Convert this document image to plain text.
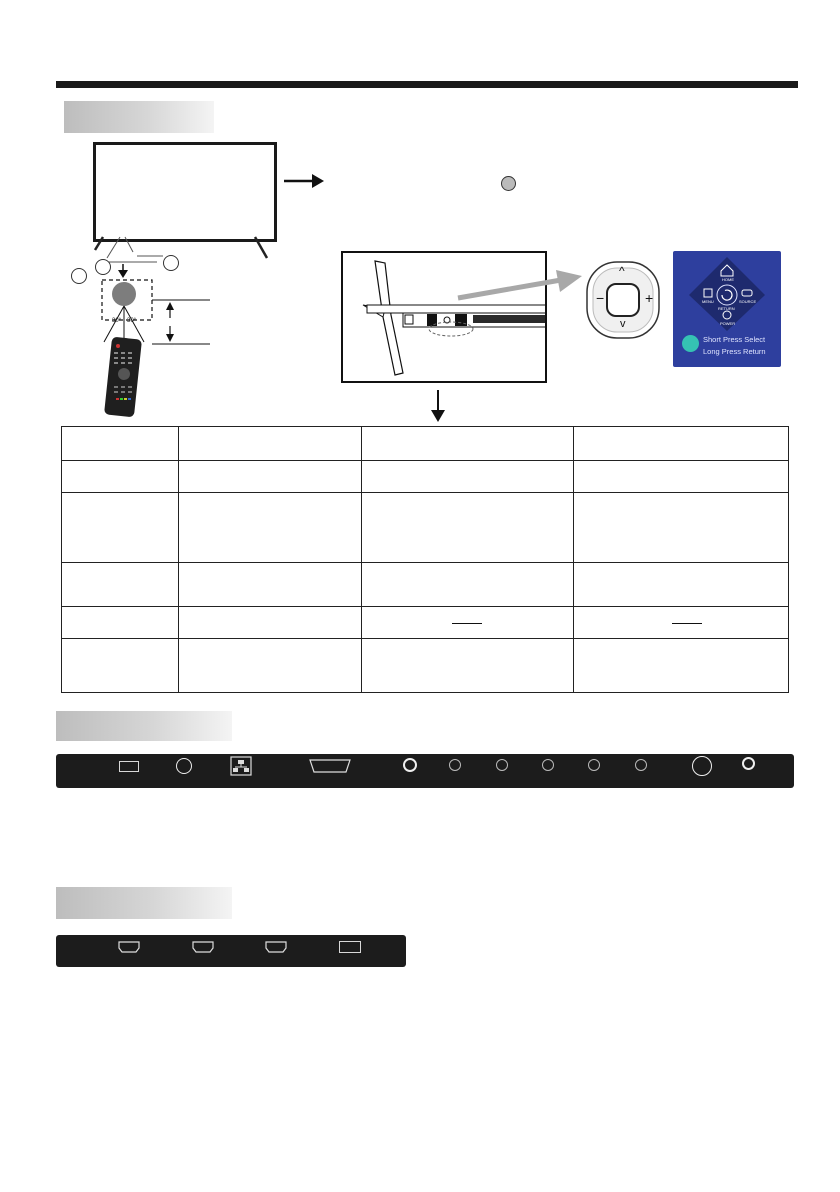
30° 30°
^
v
−	+
HOME
MENU	SOURCE
RETURN
POWER
Short Press Select
Long Press Return
